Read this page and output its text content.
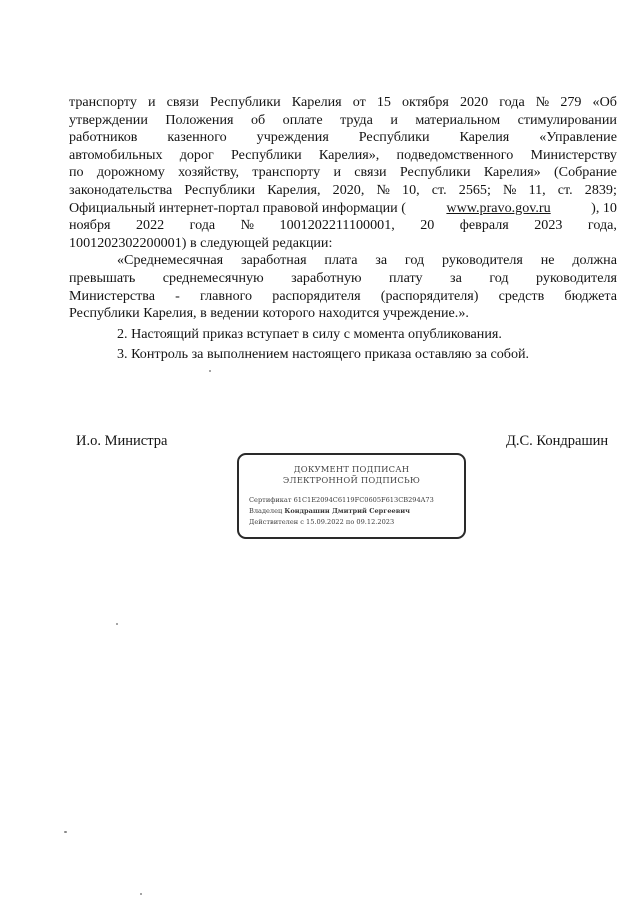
транспорту и связи Республики Карелия от 15 октября 2020 года № 279 «Об
утверждении Положения об оплате труда и материальном стимулировании
работников казенного учреждения Республики Карелия «Управление
автомобильных дорог Республики Карелия», подведомственного Министерству
по дорожному хозяйству, транспорту и связи Республики Карелия» (Собрание
законодательства Республики Карелия, 2020, № 10, ст. 2565; № 11, ст. 2839;
Официальный интернет-портал правовой информации (	www.pravo.gov.ru	), 10
ноября 2022 года № 1001202211100001, 20 февраля 2023 года,
1001202302200001) в следующей редакции:
«Среднемесячная заработная плата за год руководителя не должна
превышать среднемесячную заработную плату за год руководителя
Министерства - главного распорядителя (распорядителя) средств бюджета
Республики Карелия, в ведении которого находится учреждение.».
2. Настоящий приказ вступает в силу с момента опубликования.
3. Контроль за выполнением настоящего приказа оставляю за собой.
И.о. Министра	Д.С. Кондрашин
ДОКУМЕНТ ПОДПИСАН
ЭЛЕКТРОННОЙ ПОДПИСЬЮ
Сертификат 61C1E2094C6119FC0605F613CB294A73
Владелец Кондрашин Дмитрий Сергеевич
Действителен с 15.09.2022 по 09.12.2023
